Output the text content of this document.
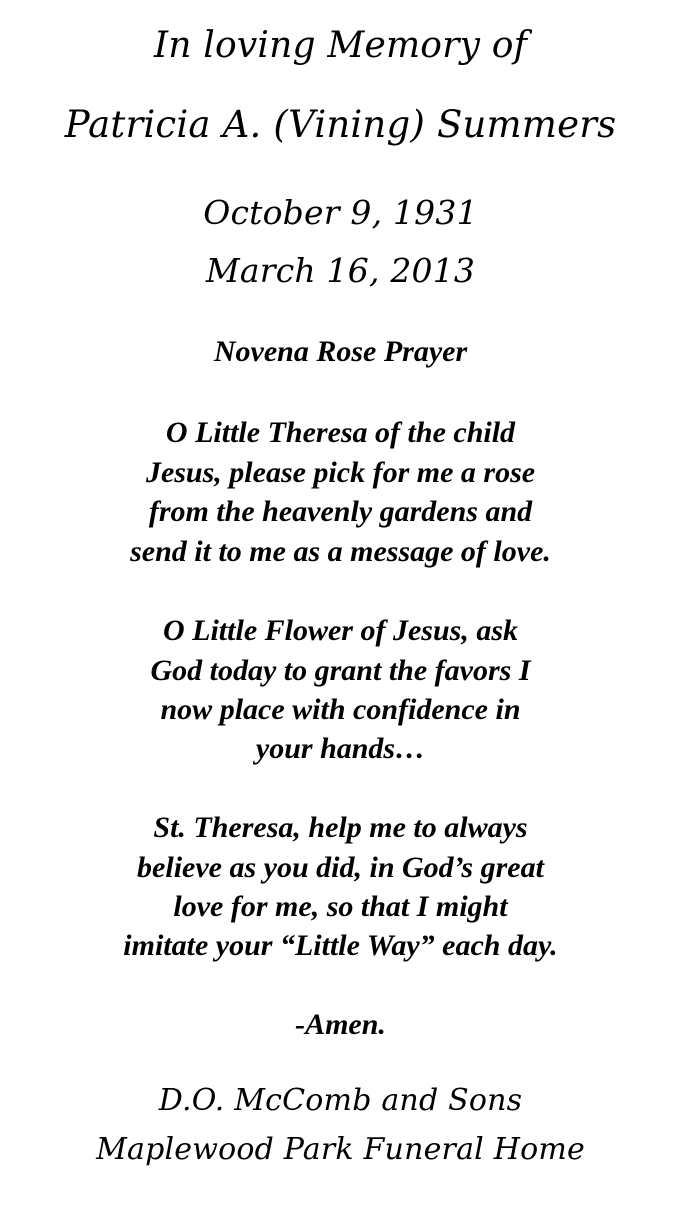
In loving Memory of
Patricia A. (Vining) Summers
October 9, 1931
March 16, 2013
Novena Rose Prayer
O Little Theresa of the child
Jesus, please pick for me a rose
from the heavenly gardens and
send it to me as a message of love.
O Little Flower of Jesus, ask
God today to grant the favors I
now place with confidence in
your hands…
St. Theresa, help me to always
believe as you did, in God’s great
love for me, so that I might
imitate your “Little Way” each day.
-Amen.
D.O. McComb and Sons
Maplewood Park Funeral Home
